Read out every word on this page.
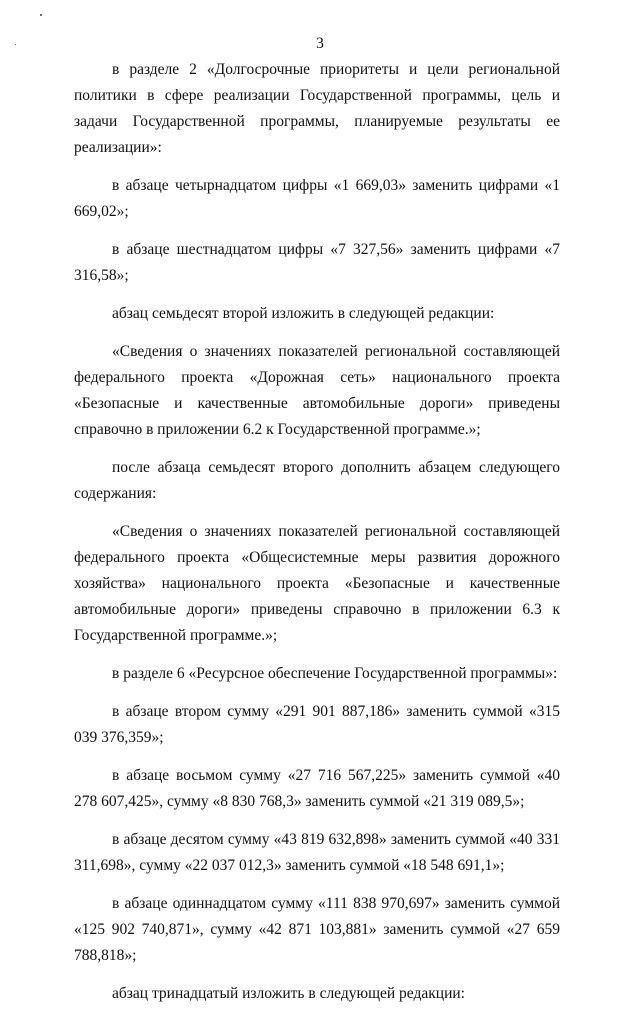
3

в разделе 2 «Долгосрочные приоритеты и цели региональной политики в сфере реализации Государственной программы, цель и задачи Государственной программы, планируемые результаты ее реализации»:

в абзаце четырнадцатом цифры «1 669,03» заменить цифрами «1 669,02»;

в абзаце шестнадцатом цифры «7 327,56» заменить цифрами «7 316,58»;

абзац семьдесят второй изложить в следующей редакции:

«Сведения о значениях показателей региональной составляющей федерального проекта «Дорожная сеть» национального проекта «Безопасные и качественные автомобильные дороги» приведены справочно в приложении 6.2 к Государственной программе.»;

после абзаца семьдесят второго дополнить абзацем следующего содержания:

«Сведения о значениях показателей региональной составляющей федерального проекта «Общесистемные меры развития дорожного хозяйства» национального проекта «Безопасные и качественные автомобильные дороги» приведены справочно в приложении 6.3 к Государственной программе.»;

в разделе 6 «Ресурсное обеспечение Государственной программы»:

в абзаце втором сумму «291 901 887,186» заменить суммой «315 039 376,359»;

в абзаце восьмом сумму «27 716 567,225» заменить суммой «40 278 607,425», сумму «8 830 768,3» заменить суммой «21 319 089,5»;

в абзаце десятом сумму «43 819 632,898» заменить суммой «40 331 311,698», сумму «22 037 012,3» заменить суммой «18 548 691,1»;

в абзаце одиннадцатом сумму «111 838 970,697» заменить суммой «125 902 740,871», сумму «42 871 103,881» заменить суммой «27 659 788,818»;

абзац тринадцатый изложить в следующей редакции:
